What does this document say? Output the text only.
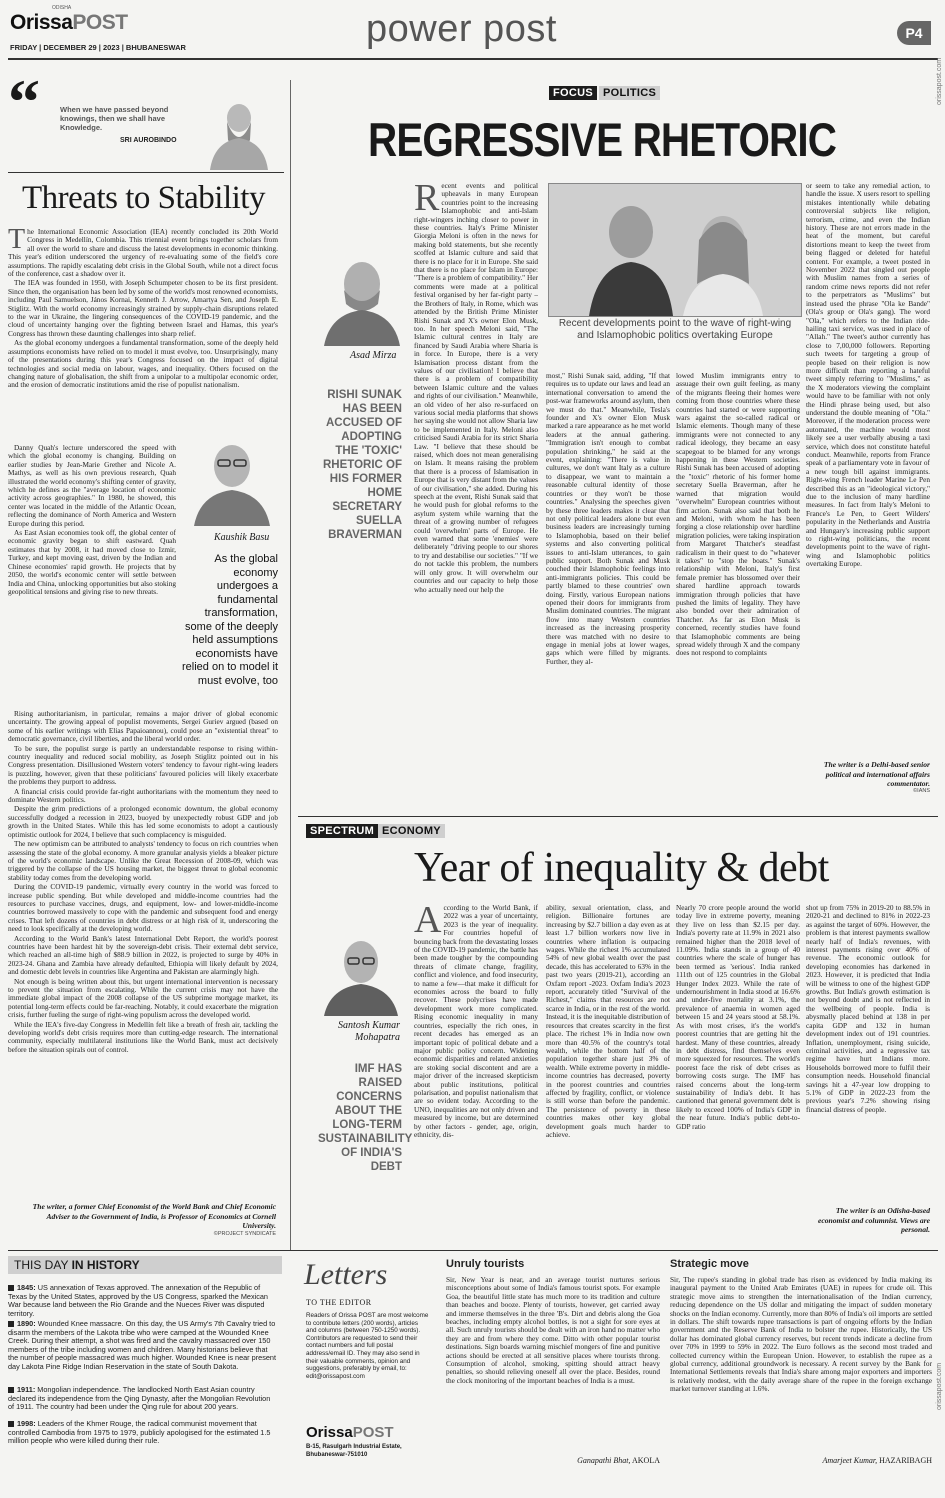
ODISHA
OrissaPOST
FRIDAY | DECEMBER 29 | 2023 | BHUBANESWAR	power post	P4
orissapost.com
orissapost.com
“	When we have passed beyond knowings, then we shall have Knowledge.
SRI AUROBINDO
Threats to Stability

The International Economic Association (IEA) recently concluded its 20th World Congress in Medellín, Colombia. This triennial event brings together scholars from all over the world to share and discuss the latest developments in economic thinking. This year's edition underscored the urgency of re-evaluating some of the field's core assumptions. The rapidly escalating debt crisis in the Global South, while not a direct focus of the conference, cast a shadow over it.

The IEA was founded in 1950, with Joseph Schumpeter chosen to be its first president. Since then, the organisation has been led by some of the world's most renowned economists, including Paul Samuelson, János Kornai, Kenneth J. Arrow, Amartya Sen, and Joseph E. Stiglitz. With the world economy increasingly strained by supply-chain disruptions related to the war in Ukraine, the lingering consequences of the COVID-19 pandemic, and the cloud of uncertainty hanging over the fighting between Israel and Hamas, this year's Congress has thrown these daunting challenges into sharp relief.

As the global economy undergoes a fundamental transformation, some of the deeply held assumptions economists have relied on to model it must evolve, too. Unsurprisingly, many of the presentations during this year's Congress focused on the impact of digital technologies and social media on labour, wages, and inequality. Others focused on the changing nature of globalisation, the shift from a unipolar to a multipolar economic order, and the erosion of democratic institutions amid the rise of populist nationalism.

Danny Quah's lecture underscored the speed with which the global economy is changing. Building on earlier studies by Jean-Marie Grether and Nicole A. Mathys, as well as his own previous research, Quah illustrated the world economy's shifting center of gravity, which he defines as the "average location of economic activity across geographies." In 1980, he showed, this center was located in the middle of the Atlantic Ocean, reflecting the dominance of North America and Western Europe during this period.

As East Asian economies took off, the global center of economic gravity began to shift eastward. Quah estimates that by 2008, it had moved close to Izmir, Turkey, and kept moving east, driven by the Indian and Chinese economies' rapid growth. He projects that by 2050, the world's economic center will settle between India and China, unlocking opportunities but also stoking geopolitical tensions and giving rise to new threats.

Kaushik Basu
As the global economy undergoes a fundamental transformation, some of the deeply held assumptions economists have relied on to model it must evolve, too

Rising authoritarianism, in particular, remains a major driver of global economic uncertainty. The growing appeal of populist movements, Sergei Guriev argued (based on some of his earlier writings with Elias Papaioannou), could pose an "existential threat" to democratic governance, civil liberties, and the liberal world order.

To be sure, the populist surge is partly an understandable response to rising within-country inequality and reduced social mobility, as Joseph Stiglitz pointed out in his Congress presentation. Disillusioned Western voters' tendency to favour right-wing leaders is puzzling, however, given that these politicians' favoured policies will likely exacerbate the problems they purport to address.

A financial crisis could provide far-right authoritarians with the momentum they need to dominate Western politics.

Despite the grim predictions of a prolonged economic downturn, the global economy successfully dodged a recession in 2023, buoyed by unexpectedly robust GDP and job growth in the United States. While this has led some economists to adopt a cautiously optimistic outlook for 2024, I believe that such complacency is misguided.

The new optimism can be attributed to analysts' tendency to focus on rich countries when assessing the state of the global economy. A more granular analysis yields a bleaker picture of the world's economic landscape. Unlike the Great Recession of 2008-09, which was triggered by the collapse of the US housing market, the biggest threat to global economic stability today comes from the developing world.

During the COVID-19 pandemic, virtually every country in the world was forced to increase public spending. But while developed and middle-income countries had the resources to purchase vaccines, drugs, and equipment, low- and lower-middle-income countries borrowed massively to cope with the pandemic and subsequent food and energy crises. That left dozens of countries in debt distress or at high risk of it, underscoring the need to look specifically at the developing world.

According to the World Bank's latest International Debt Report, the world's poorest countries have been hardest hit by the sovereign-debt crisis. Their external debt service, which reached an all-time high of $88.9 billion in 2022, is projected to surge by 40% in 2023-24. Ghana and Zambia have already defaulted, Ethiopia will likely default by 2024, and domestic debt levels in countries like Argentina and Pakistan are alarmingly high.

Not enough is being written about this, but urgent international intervention is necessary to prevent the situation from escalating. While the current crisis may not have the immediate global impact of the 2008 collapse of the US subprime mortgage market, its potential long-term effects could be far-reaching. Notably, it could exacerbate the migration crisis, further fueling the surge of right-wing populism across the developed world.

While the IEA's five-day Congress in Medellín felt like a breath of fresh air, tackling the developing world's debt crisis requires more than cutting-edge research. The international community, especially multilateral institutions like the World Bank, must act decisively before the situation spirals out of control.

The writer, a former Chief Economist of the World Bank and Chief Economic Adviser to the Government of India, is Professor of Economics at Cornell University.
©PROJECT SYNDICATE
FOCUS POLITICS
REGRESSIVE RHETORIC
Asad Mirza
RISHI SUNAK HAS BEEN ACCUSED OF ADOPTING THE 'TOXIC' RHETORIC OF HIS FORMER HOME SECRETARY SUELLA BRAVERMAN

Recent events and political upheavals in many European countries point to the increasing Islamophobic and anti-Islam right-wingers inching closer to power in these countries. Italy's Prime Minister Giorgia Meloni is often in the news for making bold statements, but she recently scoffed at Islamic culture and said that there is no place for it in Europe. She said that there is no place for Islam in Europe: "There is a problem of compatibility." Her comments were made at a political festival organised by her far-right party – the Brothers of Italy, in Rome, which was attended by the British Prime Minister Rishi Sunak and X's owner Elon Musk, too. In her speech Meloni said, "The Islamic cultural centres in Italy are financed by Saudi Arabia where Sharia is in force. In Europe, there is a very Islamisation process distant from the values of our civilisation! I believe that there is a problem of compatibility between Islamic culture and the values and rights of our civilisation." Meanwhile, an old video of her also re-surfaced on various social media platforms that shows her saying she would not allow Sharia law to be implemented in Italy. Meloni also criticised Saudi Arabia for its strict Sharia Law. "I believe that these should be raised, which does not mean generalising on Islam. It means raising the problem that there is a process of Islamisation in Europe that is very distant from the values of our civilisation," she added. During his speech at the event, Rishi Sunak said that he would push for global reforms to the asylum system while warning that the threat of a growing number of refugees could 'overwhelm' parts of Europe. He even warned that some 'enemies' were deliberately "driving people to our shores to try and destabilise our societies." "If we do not tackle this problem, the numbers will only grow. It will overwhelm our countries and our capacity to help those who actually need our help the

Recent developments point to the wave of right-wing and Islamophobic politics overtaking Europe

most," Rishi Sunak said, adding, "If that requires us to update our laws and lead an international conversation to amend the post-war frameworks around asylum, then we must do that." Meanwhile, Tesla's founder and X's owner Elon Musk marked a rare appearance as he met world leaders at the annual gathering. "Immigration isn't enough to combat population shrinking," he said at the event, explaining: "There is value in cultures, we don't want Italy as a culture to disappear, we want to maintain a reasonable cultural identity of those countries or they won't be those countries." Analysing the speeches given by these three leaders makes it clear that not only political leaders alone but even business leaders are increasingly turning to Islamophobia, based on their belief systems and also converting political issues to anti-Islam utterances, to gain public support. Both Sunak and Musk couched their Islamophobic feelings into anti-immigrants policies. This could be partly blamed to these countries' own doing. Firstly, various European nations opened their doors for immigrants from Muslim dominated countries. The migrant flow into many Western countries increased as the increasing prosperity there was matched with no desire to engage in menial jobs at lower wages, gaps which were filled by migrants. Further, they al-

lowed Muslim immigrants entry to assuage their own guilt feeling, as many of the migrants fleeing their homes were coming from those countries where these countries had started or were supporting wars against the so-called radical or Islamic elements. Though many of these immigrants were not connected to any radical ideology, they became an easy scapegoat to be blamed for any wrongs happening in these Western societies. Rishi Sunak has been accused of adopting the "toxic" rhetoric of his former home secretary Suella Braverman, after he warned that migration would "overwhelm" European countries without firm action. Sunak also said that both he and Meloni, with whom he has been forging a close relationship over hardline migration policies, were taking inspiration from Margaret Thatcher's steadfast radicalism in their quest to do "whatever it takes" to "stop the boats." Sunak's relationship with Meloni, Italy's first female premier has blossomed over their shared hardline approach towards immigration through policies that have pushed the limits of legality. They have also bonded over their admiration of Thatcher. As far as Elon Musk is concerned, recently studies have found that Islamophobic comments are being spread widely through X and the company does not respond to complaints

or seem to take any remedial action, to handle the issue. X users resort to spelling mistakes intentionally while debating controversial subjects like religion, terrorism, crime, and even the Indian history. These are not errors made in the heat of the moment, but careful distortions meant to keep the tweet from being flagged or deleted for hateful content. For example, a tweet posted in November 2022 that singled out people with Muslim names from a series of random crime news reports did not refer to the perpetrators as "Muslims" but instead used the phrase "Ola ke Bande" (Ola's group or Ola's gang). The word "Ola," which refers to the Indian ride-hailing taxi service, was used in place of "Allah." The tweet's author currently has close to 7,00,000 followers. Reporting such tweets for targeting a group of people based on their religion is now more difficult than reporting a hateful tweet simply referring to "Muslims," as the X moderators viewing the complaint would have to be familiar with not only the Hindi phrase being used, but also understand the double meaning of "Ola." Moreover, if the moderation process were automated, the machine would most likely see a user verbally abusing a taxi service, which does not constitute hateful conduct. Meanwhile, reports from France speak of a parliamentary vote in favour of a new tough bill against immigrants. Right-wing French leader Marine Le Pen described this as an "ideological victory," due to the inclusion of many hardline measures. In fact from Italy's Meloni to France's Le Pen, to Geert Wilders' popularity in the Netherlands and Austria and Hungary's increasing public support to right-wing politicians, the recent developments point to the wave of right-wing and Islamophobic politics overtaking Europe.

The writer is a Delhi-based senior political and international affairs commentator.
©IANS
SPECTRUM ECONOMY
Year of inequality & debt
Santosh Kumar Mohapatra
IMF HAS RAISED CONCERNS ABOUT THE LONG-TERM SUSTAINABILITY OF INDIA'S DEBT

According to the World Bank, if 2022 was a year of uncertainty, 2023 is the year of inequality. For countries hopeful of bouncing back from the devastating losses of the COVID-19 pandemic, the battle has been made tougher by the compounding threats of climate change, fragility, conflict and violence, and food insecurity, to name a few—that make it difficult for economies across the board to fully recover. These polycrises have made development work more complicated. Rising economic inequality in many countries, especially the rich ones, in recent decades has emerged as an important topic of political debate and a major public policy concern. Widening economic disparities and related anxieties are stoking social discontent and are a major driver of the increased skepticism about public institutions, political polarisation, and populist nationalism that are so evident today. According to the UNO, inequalities are not only driven and measured by income, but are determined by other factors - gender, age, origin, ethnicity, dis-

ability, sexual orientation, class, and religion. Billionaire fortunes are increasing by $2.7 billion a day even as at least 1.7 billion workers now live in countries where inflation is outpacing wages. While the richest 1% accumulated 54% of new global wealth over the past decade, this has accelerated to 63% in the past two years (2019-21), according an Oxfam report -2023. Oxfam India's 2023 report, accurately titled "Survival of the Richest," claims that resources are not scarce in India, or in the rest of the world. Instead, it is the inequitable distribution of resources that creates scarcity in the first place. The richest 1% in India now own more than 40.5% of the country's total wealth, while the bottom half of the population together share just 3% of wealth. While extreme poverty in middle-income countries has decreased, poverty in the poorest countries and countries affected by fragility, conflict, or violence is still worse than before the pandemic. The persistence of poverty in these countries makes other key global development goals much harder to achieve.

Nearly 70 crore people around the world today live in extreme poverty, meaning they live on less than $2.15 per day. India's poverty rate at 11.9% in 2021 also remained higher than the 2018 level of 11.09%. India stands in a group of 40 countries where the scale of hunger has been termed as 'serious'. India ranked 111th out of 125 countries in the Global Hunger Index 2023. While the rate of undernourishment in India stood at 16.6% and under-five mortality at 3.1%, the prevalence of anaemia in women aged between 15 and 24 years stood at 58.1%. As with most crises, it's the world's poorest countries that are getting hit the hardest. Many of these countries, already in debt distress, find themselves even more squeezed for resources. The world's poorest face the risk of debt crises as borrowing costs surge. The IMF has raised concerns about the long-term sustainability of India's debt. It has cautioned that general government debt is likely to exceed 100% of India's GDP in the near future. India's public debt-to-GDP ratio

shot up from 75% in 2019-20 to 88.5% in 2020-21 and declined to 81% in 2022-23 as against the target of 60%. However, the problem is that interest payments swallow nearly half of India's revenues, with interest payments rising over 40% of revenue. The economic outlook for developing economies has darkened in 2023. However, it is predicted that India will be witness to one of the highest GDP growths. But India's growth estimation is not beyond doubt and is not reflected in the wellbeing of people. India is abysmally placed behind at 138 in per capita GDP and 132 in human development index out of 191 countries. Inflation, unemployment, rising suicide, criminal activities, and a regressive tax regime have hurt Indians more. Households borrowed more to fulfil their consumption needs. Household financial savings hit a 47-year low dropping to 5.1% of GDP in 2022-23 from the previous year's 7.2% showing rising financial distress of people.

The writer is an Odisha-based economist and columnist. Views are personal.
THIS DAY IN HISTORY
1845: US annexation of Texas approved. The annexation of the Republic of Texas by the United States, approved by the US Congress, sparked the Mexican War because land between the Rio Grande and the Nueces River was disputed territory.
1890: Wounded Knee massacre. On this day, the US Army's 7th Cavalry tried to disarm the members of the Lakota tribe who were camped at the Wounded Knee Creek. During their attempt, a shot was fired and the cavalry massacred over 150 members of the tribe including women and children. Many historians believe that the number of people massacred was much higher. Wounded Knee is near present day Lakota Pine Ridge Indian Reservation in the state of South Dakota.
1911: Mongolian independence. The landlocked North East Asian country declared its independence from the Qing Dynasty, after the Mongolian Revolution of 1911. The country had been under the Qing rule for about 200 years.
1998: Leaders of the Khmer Rouge, the radical communist movement that controlled Cambodia from 1975 to 1979, publicly apologised for the estimated 1.5 million people who were killed during their rule.
Letters
TO THE EDITOR
Readers of Orissa POST are most welcome to contribute letters (200 words), articles and columns (between 750-1250 words). Contributors are requested to send their contact numbers and full postal address/email ID. They may also send in their valuable comments, opinion and suggestions, preferably by email, to: edit@orissapost.com
OrissaPOST
B-15, Rasulgarh Industrial Estate, Bhubaneswar-751010
Unruly tourists

Sir, New Year is near, and an average tourist nurtures serious misconceptions about some of India's famous tourist spots. For example Goa, the beautiful little state has much more to its tradition and culture than beaches and booze. Plenty of tourists, however, get carried away and immerse themselves in the three 'B's. Dirt and debris along the Goa beaches, including empty alcohol bottles, is not a sight for sore eyes at all. Such unruly tourists should be dealt with an iron hand no matter who they are and from where they come. Ditto with other popular tourist destinations. Sign boards warning mischief mongers of fine and punitive actions should be erected at all sensitive places where tourists throng. Consumption of alcohol, smoking, spitting should attract heavy penalties, so should relieving oneself all over the place. Besides, round the clock monitoring of the important beaches of India is a must.

Ganapathi Bhat, AKOLA
Strategic move

Sir, The rupee's standing in global trade has risen as evidenced by India making its inaugural payment to the United Arab Emirates (UAE) in rupees for crude oil. This strategic move aims to strengthen the internationalisation of the Indian currency, reducing dependence on the US dollar and mitigating the impact of sudden monetary shocks on the Indian economy. Currently, more than 80% of India's oil imports are settled in dollars. The shift towards rupee transactions is part of ongoing efforts by the Indian government and the Reserve Bank of India to bolster the rupee. Historically, the US dollar has dominated global currency reserves, but recent trends indicate a decline from over 70% in 1999 to 59% in 2022. The Euro follows as the second most traded and collected currency within the European Union. However, to establish the rupee as a global currency, additional groundwork is necessary. A recent survey by the Bank for International Settlements reveals that India's share among major exporters and importers is relatively modest, with the daily average share of the rupee in the foreign exchange market turnover standing at 1.6%.

Amarjeet Kumar, HAZARIBAGH
